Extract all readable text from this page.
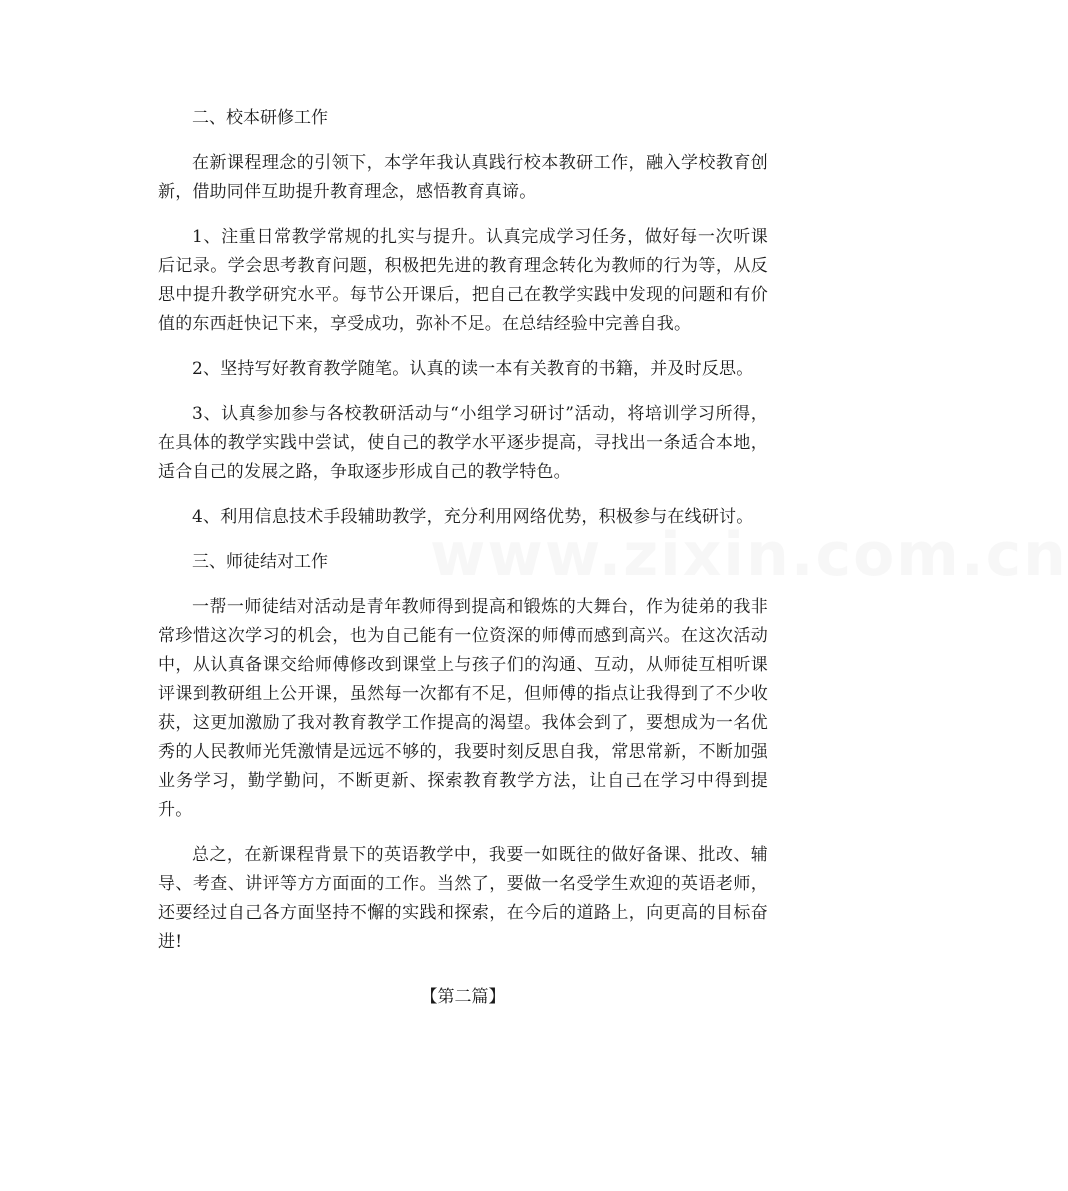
www.zixin.com.cn

二、校本研修工作

在新课程理念的引领下，本学年我认真践行校本教研工作，融入学校教育创新，借助同伴互助提升教育理念，感悟教育真谛。

1、注重日常教学常规的扎实与提升。认真完成学习任务，做好每一次听课后记录。学会思考教育问题，积极把先进的教育理念转化为教师的行为等，从反思中提升教学研究水平。每节公开课后，把自己在教学实践中发现的问题和有价值的东西赶快记下来，享受成功，弥补不足。在总结经验中完善自我。

2、坚持写好教育教学随笔。认真的读一本有关教育的书籍，并及时反思。

3、认真参加参与各校教研活动与“小组学习研讨”活动，将培训学习所得，在具体的教学实践中尝试，使自己的教学水平逐步提高，寻找出一条适合本地，适合自己的发展之路，争取逐步形成自己的教学特色。

4、利用信息技术手段辅助教学，充分利用网络优势，积极参与在线研讨。

三、师徒结对工作

一帮一师徒结对活动是青年教师得到提高和锻炼的大舞台，作为徒弟的我非常珍惜这次学习的机会，也为自己能有一位资深的师傅而感到高兴。在这次活动中，从认真备课交给师傅修改到课堂上与孩子们的沟通、互动，从师徒互相听课评课到教研组上公开课，虽然每一次都有不足，但师傅的指点让我得到了不少收获，这更加激励了我对教育教学工作提高的渴望。我体会到了，要想成为一名优秀的人民教师光凭激情是远远不够的，我要时刻反思自我，常思常新，不断加强业务学习，勤学勤问，不断更新、探索教育教学方法，让自己在学习中得到提升。

总之，在新课程背景下的英语教学中，我要一如既往的做好备课、批改、辅导、考查、讲评等方方面面的工作。当然了，要做一名受学生欢迎的英语老师，还要经过自己各方面坚持不懈的实践和探索，在今后的道路上，向更高的目标奋进!

【第二篇】
